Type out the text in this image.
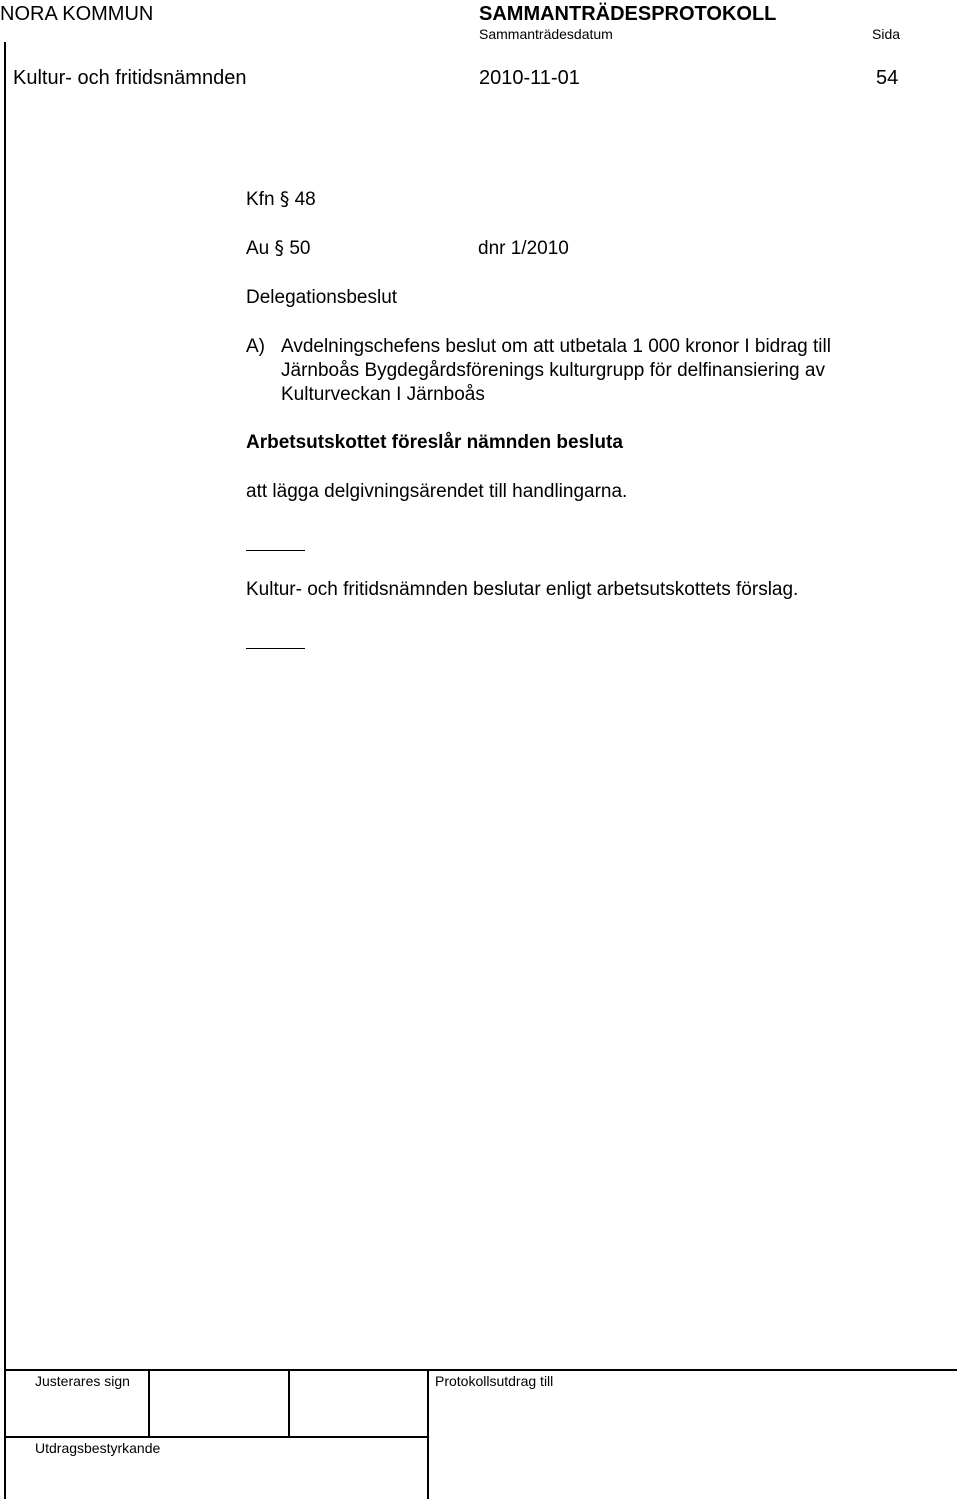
NORA KOMMUN	SAMMANTRÄDESPROTOKOLL
Sammanträdesdatum	Sida
Kultur- och fritidsnämnden	2010-11-01	54
Kfn § 48
Au § 50	dnr 1/2010
Delegationsbeslut
A) Avdelningschefens beslut om att utbetala 1 000 kronor I bidrag till
Järnboås Bygdegårdsförenings kulturgrupp för delfinansiering av
Kulturveckan I Järnboås
Arbetsutskottet föreslår nämnden besluta
att lägga delgivningsärendet till handlingarna.
Kultur- och fritidsnämnden beslutar enligt arbetsutskottets förslag.
Justerares sign	Protokollsutdrag till
Utdragsbestyrkande
